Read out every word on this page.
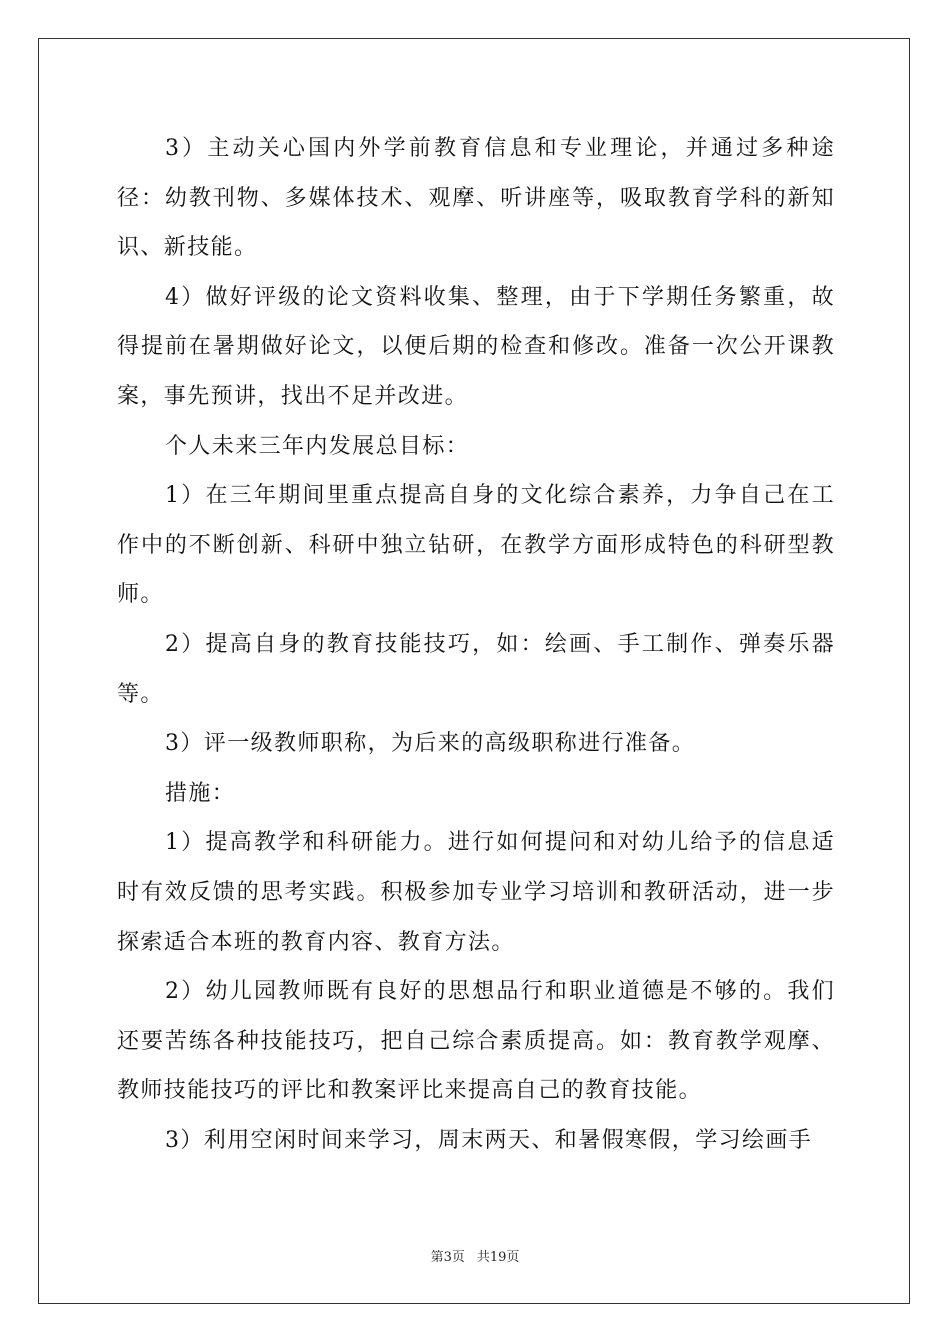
3）主动关心国内外学前教育信息和专业理论，并通过多种途径：幼教刊物、多媒体技术、观摩、听讲座等，吸取教育学科的新知识、新技能。

4）做好评级的论文资料收集、整理，由于下学期任务繁重，故得提前在暑期做好论文，以便后期的检查和修改。准备一次公开课教案，事先预讲，找出不足并改进。

个人未来三年内发展总目标：

1）在三年期间里重点提高自身的文化综合素养，力争自己在工作中的不断创新、科研中独立钻研，在教学方面形成特色的科研型教师。

2）提高自身的教育技能技巧，如：绘画、手工制作、弹奏乐器等。

3）评一级教师职称，为后来的高级职称进行准备。

措施：

1）提高教学和科研能力。进行如何提问和对幼儿给予的信息适时有效反馈的思考实践。积极参加专业学习培训和教研活动，进一步探索适合本班的教育内容、教育方法。

2）幼儿园教师既有良好的思想品行和职业道德是不够的。我们还要苦练各种技能技巧，把自己综合素质提高。如：教育教学观摩、教师技能技巧的评比和教案评比来提高自己的教育技能。

3）利用空闲时间来学习，周末两天、和暑假寒假，学习绘画手

第3页 共19页
